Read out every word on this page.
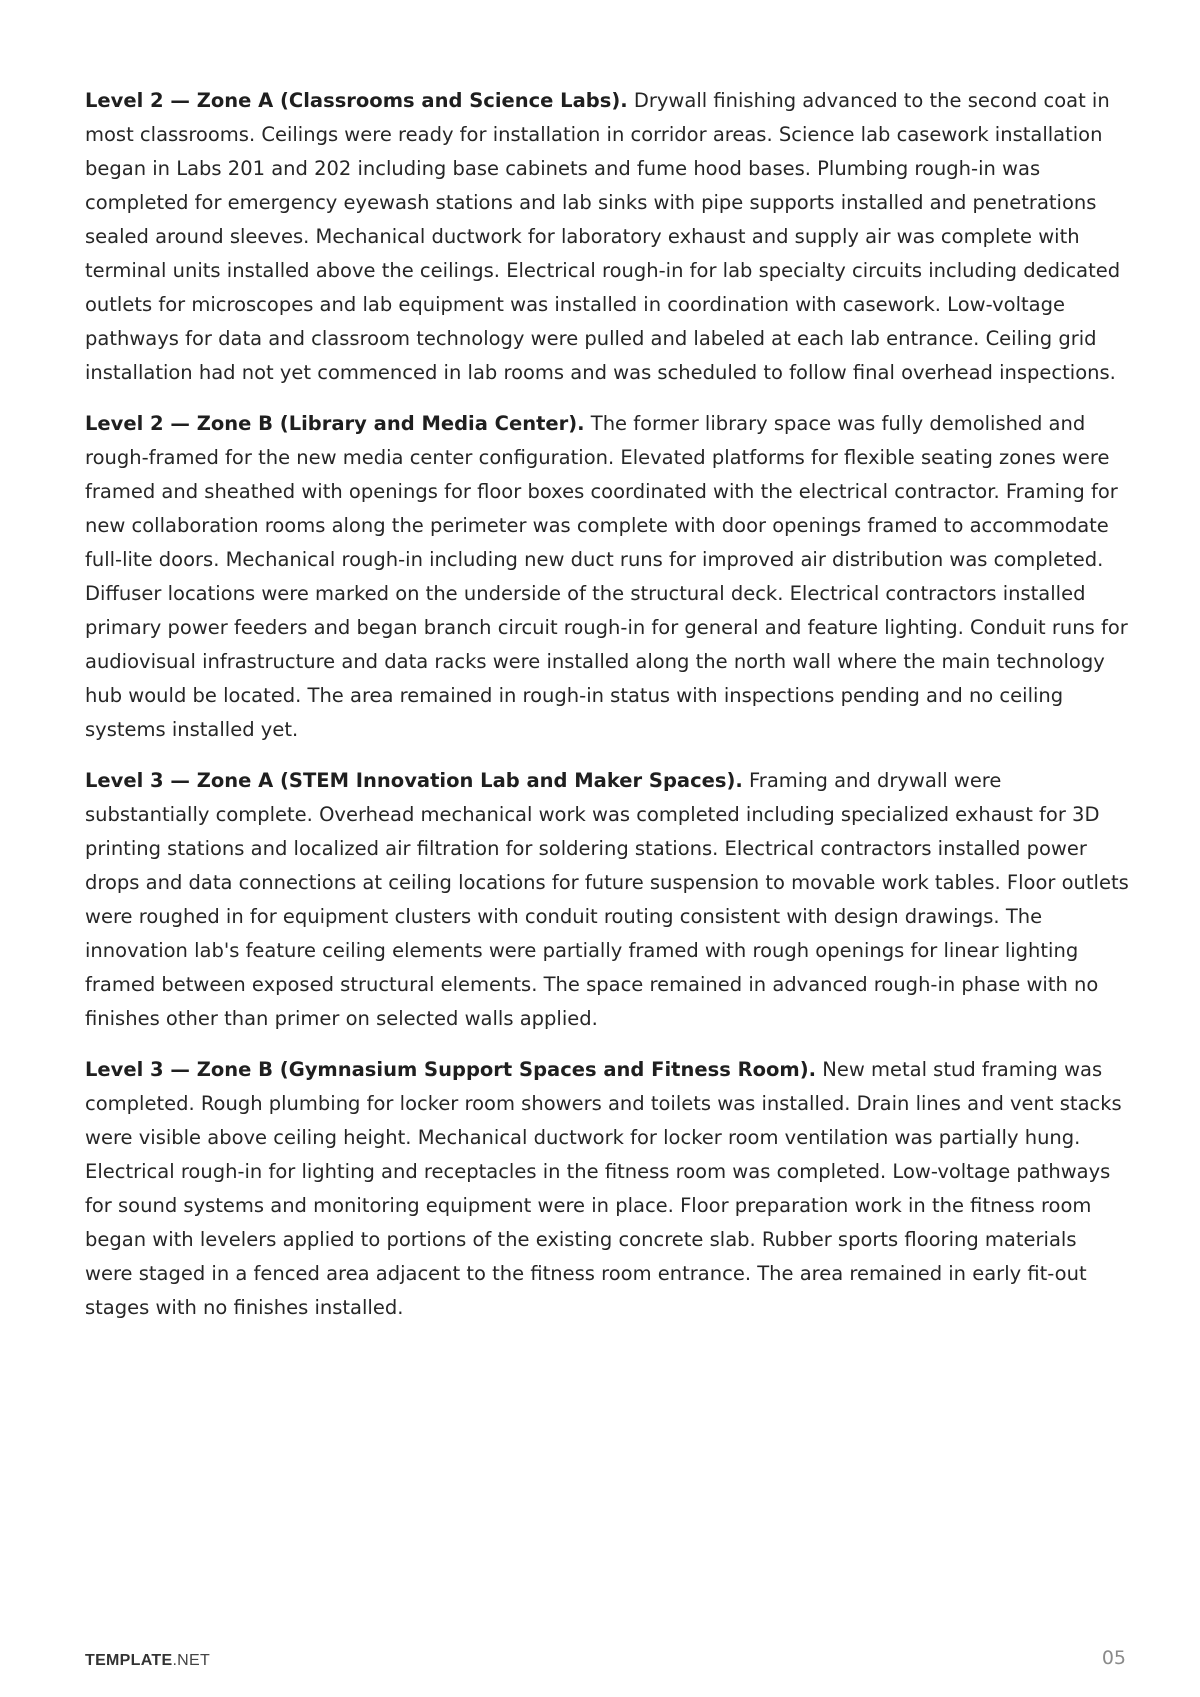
Level 2 — Zone A (Classrooms and Science Labs). Drywall finishing advanced to the second coat in most classrooms. Ceilings were ready for installation in corridor areas. Science lab casework installation began in Labs 201 and 202 including base cabinets and fume hood bases. Plumbing rough-in was completed for emergency eyewash stations and lab sinks with pipe supports installed and penetrations sealed around sleeves. Mechanical ductwork for laboratory exhaust and supply air was complete with terminal units installed above the ceilings. Electrical rough-in for lab specialty circuits including dedicated outlets for microscopes and lab equipment was installed in coordination with casework. Low-voltage pathways for data and classroom technology were pulled and labeled at each lab entrance. Ceiling grid installation had not yet commenced in lab rooms and was scheduled to follow final overhead inspections.

Level 2 — Zone B (Library and Media Center). The former library space was fully demolished and rough-framed for the new media center configuration. Elevated platforms for flexible seating zones were framed and sheathed with openings for floor boxes coordinated with the electrical contractor. Framing for new collaboration rooms along the perimeter was complete with door openings framed to accommodate full-lite doors. Mechanical rough-in including new duct runs for improved air distribution was completed. Diffuser locations were marked on the underside of the structural deck. Electrical contractors installed primary power feeders and began branch circuit rough-in for general and feature lighting. Conduit runs for audiovisual infrastructure and data racks were installed along the north wall where the main technology hub would be located. The area remained in rough-in status with inspections pending and no ceiling systems installed yet.

Level 3 — Zone A (STEM Innovation Lab and Maker Spaces). Framing and drywall were substantially complete. Overhead mechanical work was completed including specialized exhaust for 3D printing stations and localized air filtration for soldering stations. Electrical contractors installed power drops and data connections at ceiling locations for future suspension to movable work tables. Floor outlets were roughed in for equipment clusters with conduit routing consistent with design drawings. The innovation lab's feature ceiling elements were partially framed with rough openings for linear lighting framed between exposed structural elements. The space remained in advanced rough-in phase with no finishes other than primer on selected walls applied.

Level 3 — Zone B (Gymnasium Support Spaces and Fitness Room). New metal stud framing was completed. Rough plumbing for locker room showers and toilets was installed. Drain lines and vent stacks were visible above ceiling height. Mechanical ductwork for locker room ventilation was partially hung. Electrical rough-in for lighting and receptacles in the fitness room was completed. Low-voltage pathways for sound systems and monitoring equipment were in place. Floor preparation work in the fitness room began with levelers applied to portions of the existing concrete slab. Rubber sports flooring materials were staged in a fenced area adjacent to the fitness room entrance. The area remained in early fit-out stages with no finishes installed.

TEMPLATE.NET	05
